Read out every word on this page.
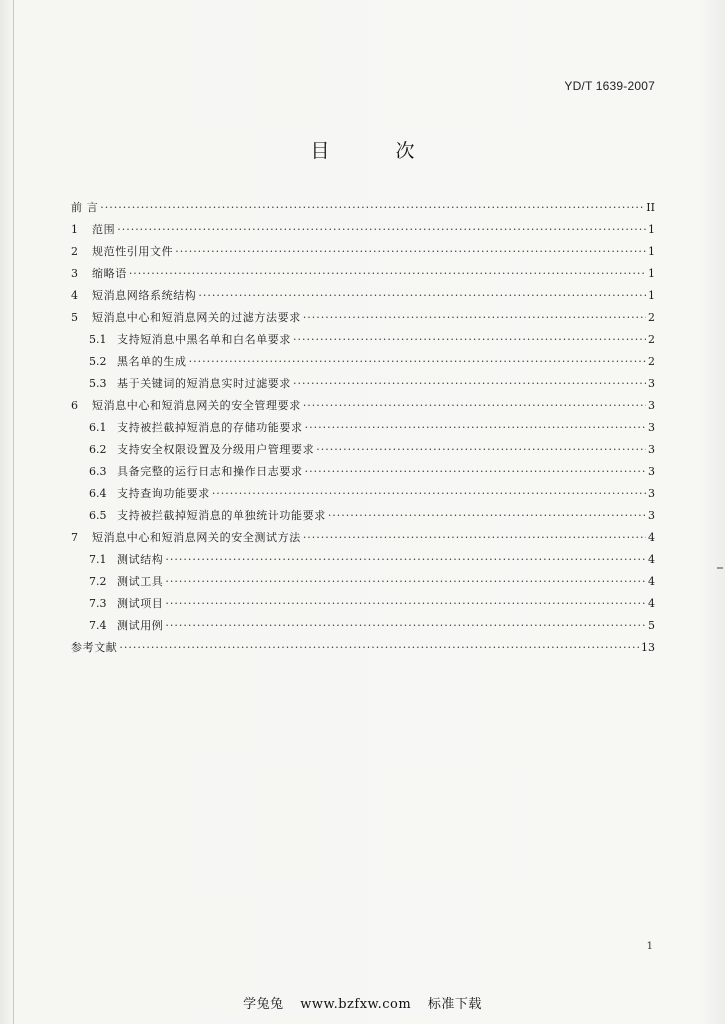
YD/T 1639-2007
目 次
前 言 ·····	II
1	范围 ·····	1
2	规范性引用文件 ·····	1
3	缩略语 ·····	1
4	短消息网络系统结构 ·····	1
5	短消息中心和短消息网关的过滤方法要求 ·····	2
5.1 支持短消息中黑名单和白名单要求 ·····	2
5.2 黑名单的生成 ·····	2
5.3 基于关键词的短消息实时过滤要求 ·····	3
6	短消息中心和短消息网关的安全管理要求 ·····	3
6.1 支持被拦截掉短消息的存储功能要求 ·····	3
6.2 支持安全权限设置及分级用户管理要求 ·····	3
6.3 具备完整的运行日志和操作日志要求 ·····	3
6.4 支持查询功能要求 ·····	3
6.5 支持被拦截掉短消息的单独统计功能要求 ·····	3
7	短消息中心和短消息网关的安全测试方法 ·····	4
7.1 测试结构 ·····	4
7.2 测试工具 ·····	4
7.3 测试项目 ·····	4
7.4 测试用例 ·····	5
参考文献 ·····	13
1
学兔兔 www.bzfxw.com 标准下载
